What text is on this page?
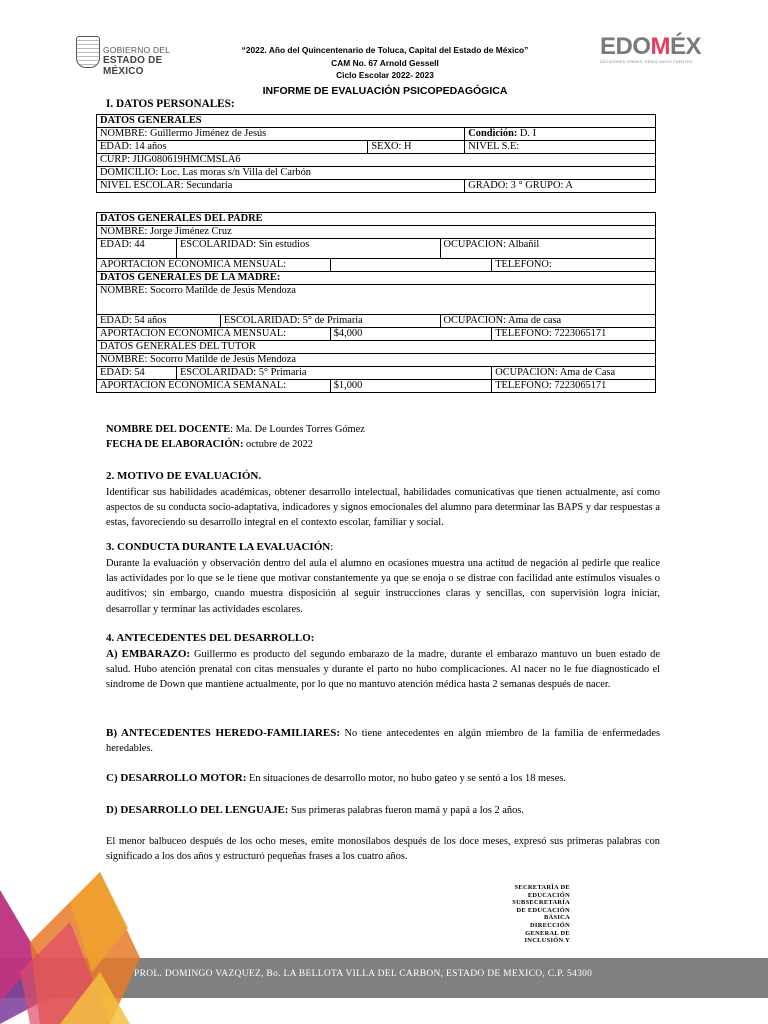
GOBIERNO DEL
ESTADO DE MÉXICO
“2022. Año del Quincentenario de Toluca, Capital del Estado de México”
CAM No. 67 Arnold Gessell
Ciclo Escolar 2022- 2023
INFORME DE EVALUACIÓN PSICOPEDAGÓGICA
EDOMÉX
DECISIONES FIRMES, RESULTADOS FUERTES.
I. DATOS PERSONALES:
DATOS GENERALES		
NOMBRE: Guillermo Jiménez de Jesús		Condición: D. I
EDAD: 14 años	SEXO: H	NIVEL S.E:
CURP: JIJG080619HMCMSLA6		
DOMICILIO: Loc. Las moras s/n Villa del Carbón		
NIVEL ESCOLAR: Secundaria		GRADO: 3 ° GRUPO: A
DATOS GENERALES DEL PADRE					
NOMBRE: Jorge Jiménez Cruz					
EDAD: 44	ESCOLARIDAD: Sin estudios			OCUPACION: Albañil	
APORTACION ECONOMICA MENSUAL:					TELEFONO:
DATOS GENERALES DE LA MADRE:					
NOMBRE: Socorro Matilde de Jesús Mendoza					
EDAD: 54 años		ESCOLARIDAD: 5° de Primaria		OCUPACION: Ama de casa	
APORTACION ECONOMICA MENSUAL:			$4,000		TELEFONO: 7223065171
DATOS GENERALES DEL TUTOR					
NOMBRE: Socorro Matilde de Jesús Mendoza					
EDAD: 54	ESCOLARIDAD: 5° Primaria				OCUPACION: Ama de Casa
APORTACION ECONOMICA SEMANAL:			$1,000		TELEFONO: 7223065171
NOMBRE DEL DOCENTE: Ma. De Lourdes Torres Gómez
FECHA DE ELABORACIÓN: octubre de 2022
2. MOTIVO DE EVALUACIÓN.
Identificar sus habilidades académicas, obtener desarrollo intelectual, habilidades comunicativas que tienen actualmente, así como aspectos de su conducta socio-adaptativa, indicadores y signos emocionales del alumno para determinar las BAPS y dar respuestas a estas, favoreciendo su desarrollo integral en el contexto escolar, familiar y social.
3. CONDUCTA DURANTE LA EVALUACIÓN:
Durante la evaluación y observación dentro del aula el alumno en ocasiones muestra una actitud de negación al pedirle que realice las actividades por lo que se le tiene que motivar constantemente ya que se enoja o se distrae con facilidad ante estímulos visuales o auditivos; sin embargo, cuando muestra disposición al seguir instrucciones claras y sencillas, con supervisión logra iniciar, desarrollar y terminar las actividades escolares.
4. ANTECEDENTES DEL DESARROLLO:
A) EMBARAZO: Guillermo es producto del segundo embarazo de la madre, durante el embarazo mantuvo un buen estado de salud. Hubo atención prenatal con citas mensuales y durante el parto no hubo complicaciones. Al nacer no le fue diagnosticado el síndrome de Down que mantiene actualmente, por lo que no mantuvo atención médica hasta 2 semanas después de nacer.
B) ANTECEDENTES HEREDO-FAMILIARES: No tiene antecedentes en algún miembro de la familia de enfermedades heredables.
C) DESARROLLO MOTOR: En situaciones de desarrollo motor, no hubo gateo y se sentó a los 18 meses.
D) DESARROLLO DEL LENGUAJE: Sus primeras palabras fueron mamá y papá a los 2 años.
El menor balbuceo después de los ocho meses, emite monosílabos después de los doce meses, expresó sus primeras palabras con significado a los dos años y estructuró pequeñas frases a los cuatro años.
SECRETARÍA DE
EDUCACIÓN
SUBSECRETARÍA
DE EDUCACIÓN
BÁSICA
DIRECCIÓN
GENERAL DE
INCLUSIÓN Y
PROL. DOMINGO VAZQUEZ, Bo. LA BELLOTA VILLA DEL CARBON, ESTADO DE MEXICO, C.P. 54300
